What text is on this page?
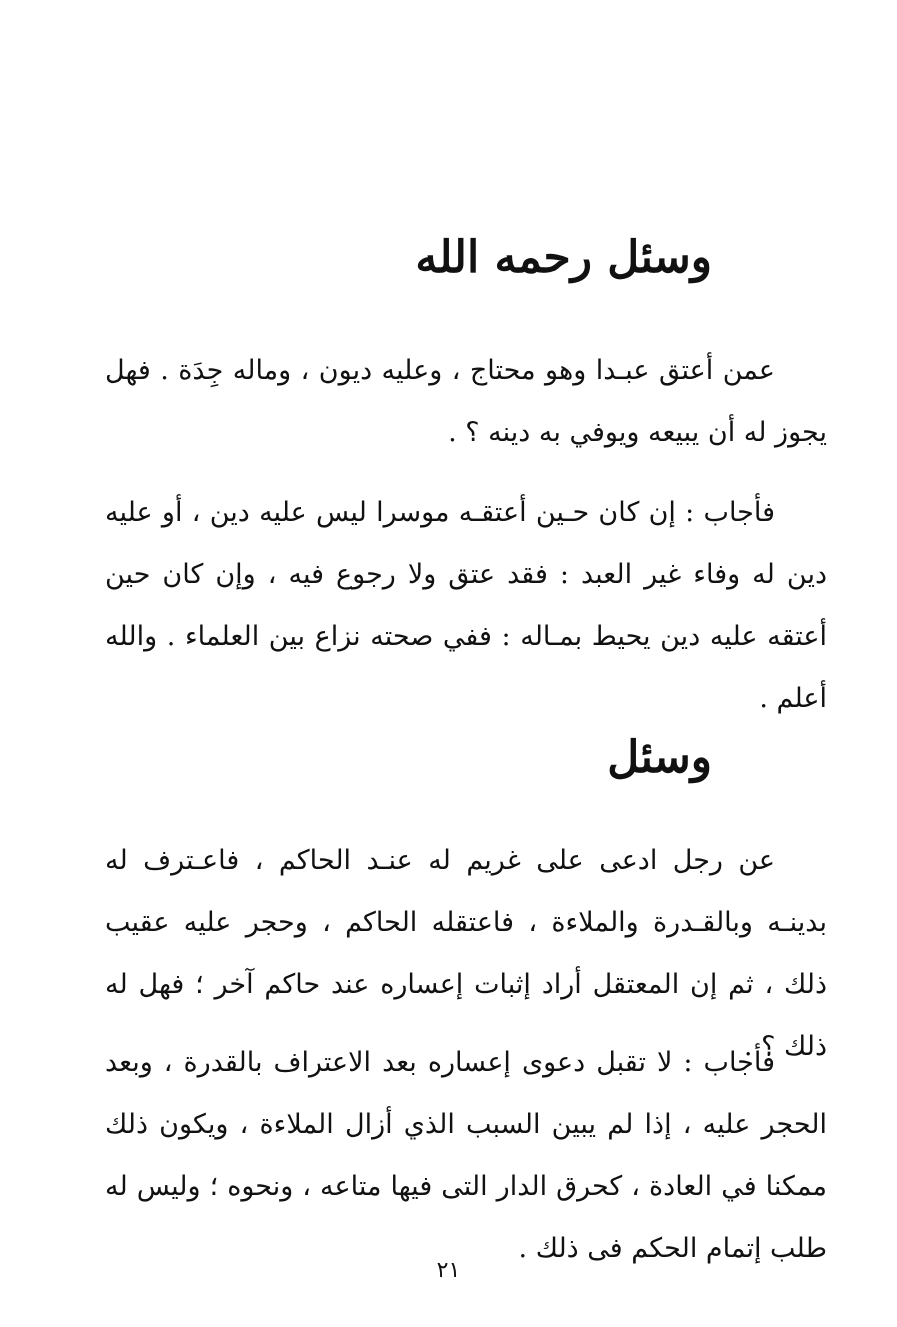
وسئل رحمه الله

عمن أعتق عبـدا وهو محتاج ، وعليه ديون ، وماله جِدَة . فهل يجوز له أن يبيعه ويوفي به دينه ؟ .

فأجاب : إن كان حـين أعتقـه موسرا ليس عليه دين ، أو عليه دين له وفاء غير العبد : فقد عتق ولا رجوع فيه ، وإن كان حين أعتقه عليه دين يحيط بمـاله : ففي صحته نزاع بين العلماء . والله أعلم .

وسئل

عن رجل ادعى على غريم له عنـد الحاكم ، فاعـترف له بدينـه وبالقـدرة والملاءة ، فاعتقله الحاكم ، وحجر عليه عقيب ذلك ، ثم إن المعتقل أراد إثبات إعساره عند حاكم آخر ؛ فهل له ذلك ؟ .

فأجاب : لا تقبل دعوى إعساره بعد الاعتراف بالقدرة ، وبعد الحجر عليه ، إذا لم يبين السبب الذي أزال الملاءة ، ويكون ذلك ممكنا في العادة ، كحرق الدار التى فيها متاعه ، ونحوه ؛ وليس له طلب إتمام الحكم فى ذلك .

٢١
